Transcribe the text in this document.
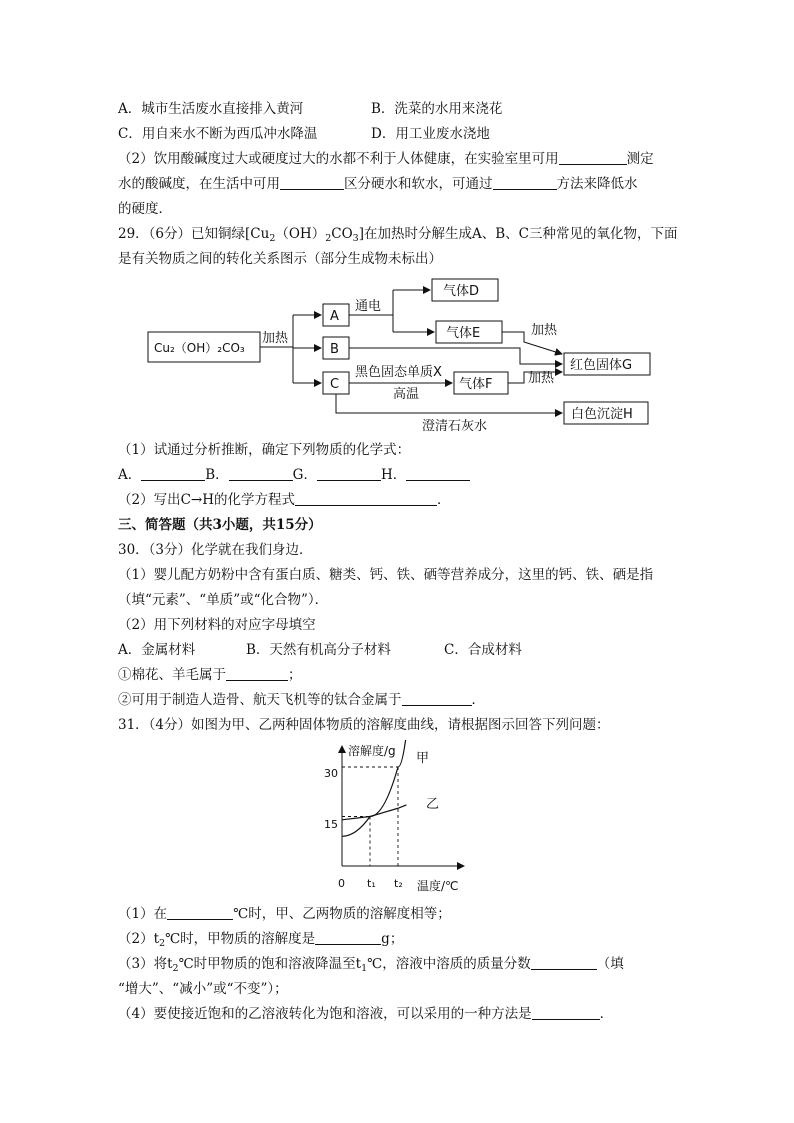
A．城市生活废水直接排入黄河	B．洗菜的水用来浇花
C．用自来水不断为西瓜冲水降温	D．用工业废水浇地
（2）饮用酸碱度过大或硬度过大的水都不利于人体健康，在实验室里可用	测定
水的酸碱度，在生活中可用	区分硬水和软水，可通过	方法来降低水
的硬度．
29．（6分）已知铜绿$[Cu_2(OH)_2CO_3]$在加热时分解生成A、B、C三种常见的氧化物，下面
是有关物质之间的转化关系图示（部分生成物未标出）
Cu₂（OH）₂CO₃
A
B
C
气体D
气体E
气体F
红色固体G
白色沉淀H
加热
通电
加热
加热
黑色固态单质X
高温
澄清石灰水
（1）试通过分析推断，确定下列物质的化学式：
A．	B．	G．	H．
（2）写出C→H的化学方程式	．
三、简答题（共3小题，共15分）
30．（3分）化学就在我们身边．
（1）婴儿配方奶粉中含有蛋白质、糖类、钙、铁、硒等营养成分，这里的钙、铁、硒是指
（填“元素”、“单质”或“化合物”）．
（2）用下列材料的对应字母填空
A．金属材料	B．天然有机高分子材料	C．合成材料
①棉花、羊毛属于	；
②可用于制造人造骨、航天飞机等的钛合金属于	．
31．（4分）如图为甲、乙两种固体物质的溶解度曲线，请根据图示回答下列问题：
溶解度/g
温度/℃
0 t₁ t₂
15
30
甲
乙
（1）在	℃时，甲、乙两物质的溶解度相等；
$(2)t_2℃$时，甲物质的溶解度是	g；
（3）将$t_2℃$时甲物质的饱和溶液降温至$t_1℃$，溶液中溶质的质量分数	（填
“增大”、“减小”或“不变”）；
（4）要使接近饱和的乙溶液转化为饱和溶液，可以采用的一种方法是	．
